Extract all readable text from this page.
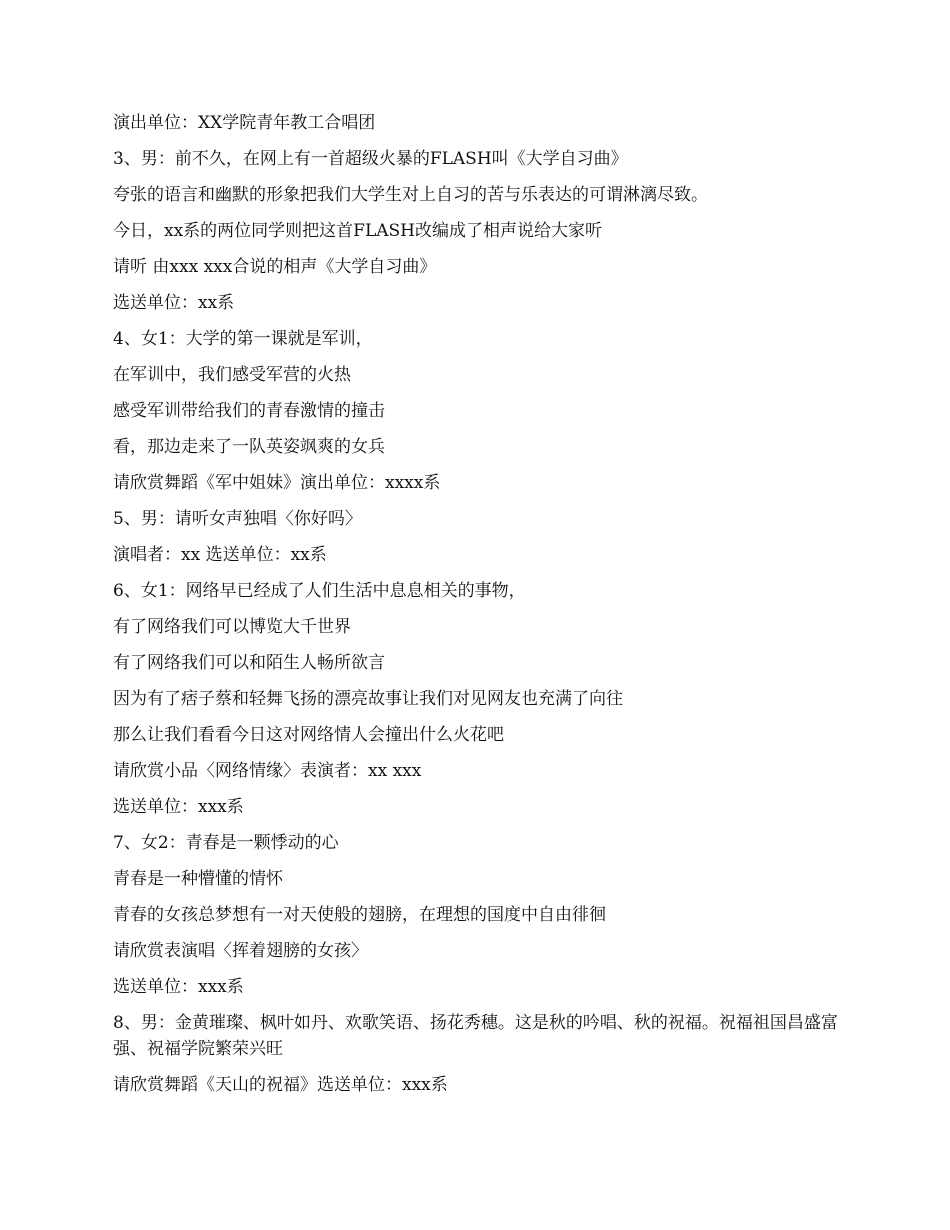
演出单位：XX学院青年教工合唱团

3、男：前不久，在网上有一首超级火暴的FLASH叫《大学自习曲》

夸张的语言和幽默的形象把我们大学生对上自习的苦与乐表达的可谓淋漓尽致。

今日，xx系的两位同学则把这首FLASH改编成了相声说给大家听

请听 由xxx xxx合说的相声《大学自习曲》

选送单位：xx系

4、女1：大学的第一课就是军训，

在军训中，我们感受军营的火热

感受军训带给我们的青春激情的撞击

看，那边走来了一队英姿飒爽的女兵

请欣赏舞蹈《军中姐妹》演出单位：xxxx系

5、男：请听女声独唱〈你好吗〉

演唱者：xx 选送单位：xx系

6、女1：网络早已经成了人们生活中息息相关的事物，

有了网络我们可以博览大千世界

有了网络我们可以和陌生人畅所欲言

因为有了痞子蔡和轻舞飞扬的漂亮故事让我们对见网友也充满了向往

那么让我们看看今日这对网络情人会撞出什么火花吧

请欣赏小品〈网络情缘〉表演者：xx xxx

选送单位：xxx系

7、女2：青春是一颗悸动的心

青春是一种懵懂的情怀

青春的女孩总梦想有一对天使般的翅膀，在理想的国度中自由徘徊

请欣赏表演唱〈挥着翅膀的女孩〉

选送单位：xxx系

8、男：金黄璀璨、枫叶如丹、欢歌笑语、扬花秀穗。这是秋的吟唱、秋的祝福。祝福祖国昌盛富强、祝福学院繁荣兴旺

请欣赏舞蹈《天山的祝福》选送单位：xxx系
